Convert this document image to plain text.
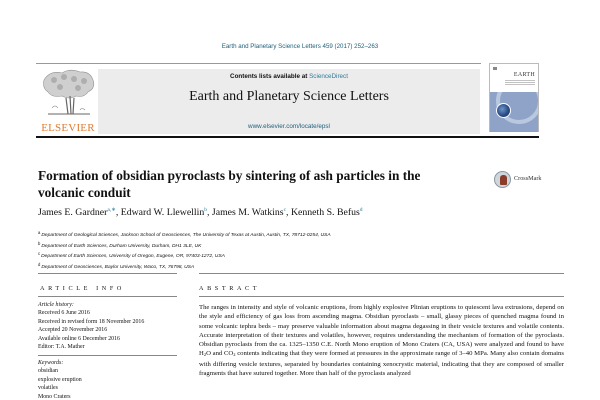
Earth and Planetary Science Letters 459 (2017) 252–263
ELSEVIER
Contents lists available at ScienceDirect
Earth and Planetary Science Letters
www.elsevier.com/locate/epsl
EARTH
Formation of obsidian pyroclasts by sintering of ash particles in the volcanic conduit
CrossMark
James E. Gardner$^{a,∗}$, Edward W. Llewellin$^b$, James M. Watkins$^c$, Kenneth S. Befus$^d$
$^a$Department of Geological Sciences, Jackson School of Geosciences, The University of Texas at Austin, Austin, TX, 78712-0254, USA
$^b$Department of Earth Sciences, Durham University, Durham, DH1 3LE, UK
$^c$Department of Earth Sciences, University of Oregon, Eugene, OR, 97403-1272, USA
$^d$Department of Geosciences, Baylor University, Waco, TX, 76798, USA
ARTICLE INFO	ABSTRACT
Article history:
Received 6 June 2016
Received in revised form 18 November 2016
Accepted 20 November 2016
Available online 6 December 2016
Editor: T.A. Mather
Keywords:
obsidian
explosive eruption
volatiles
Mono Craters
The ranges in intensity and style of volcanic eruptions, from highly explosive Plinian eruptions to quiescent lava extrusions, depend on the style and efficiency of gas loss from ascending magma. Obsidian pyroclasts – small, glassy pieces of quenched magma found in some volcanic tephra beds – may preserve valuable information about magma degassing in their vesicle textures and volatile contents. Accurate interpretation of their textures and volatiles, however, requires understanding the mechanism of formation of the pyroclasts. Obsidian pyroclasts from the ca. 1325–1350 C.E. North Mono eruption of Mono Craters (CA, USA) were analyzed and found to have $H_2O$ and $CO_2$ contents indicating that they were formed at pressures in the approximate range of 3–40 MPa. Many also contain domains with differing vesicle textures, separated by boundaries containing xenocrystic material, indicating that they are composed of smaller fragments that have sutured together. More than half of the pyroclasts analyzed
